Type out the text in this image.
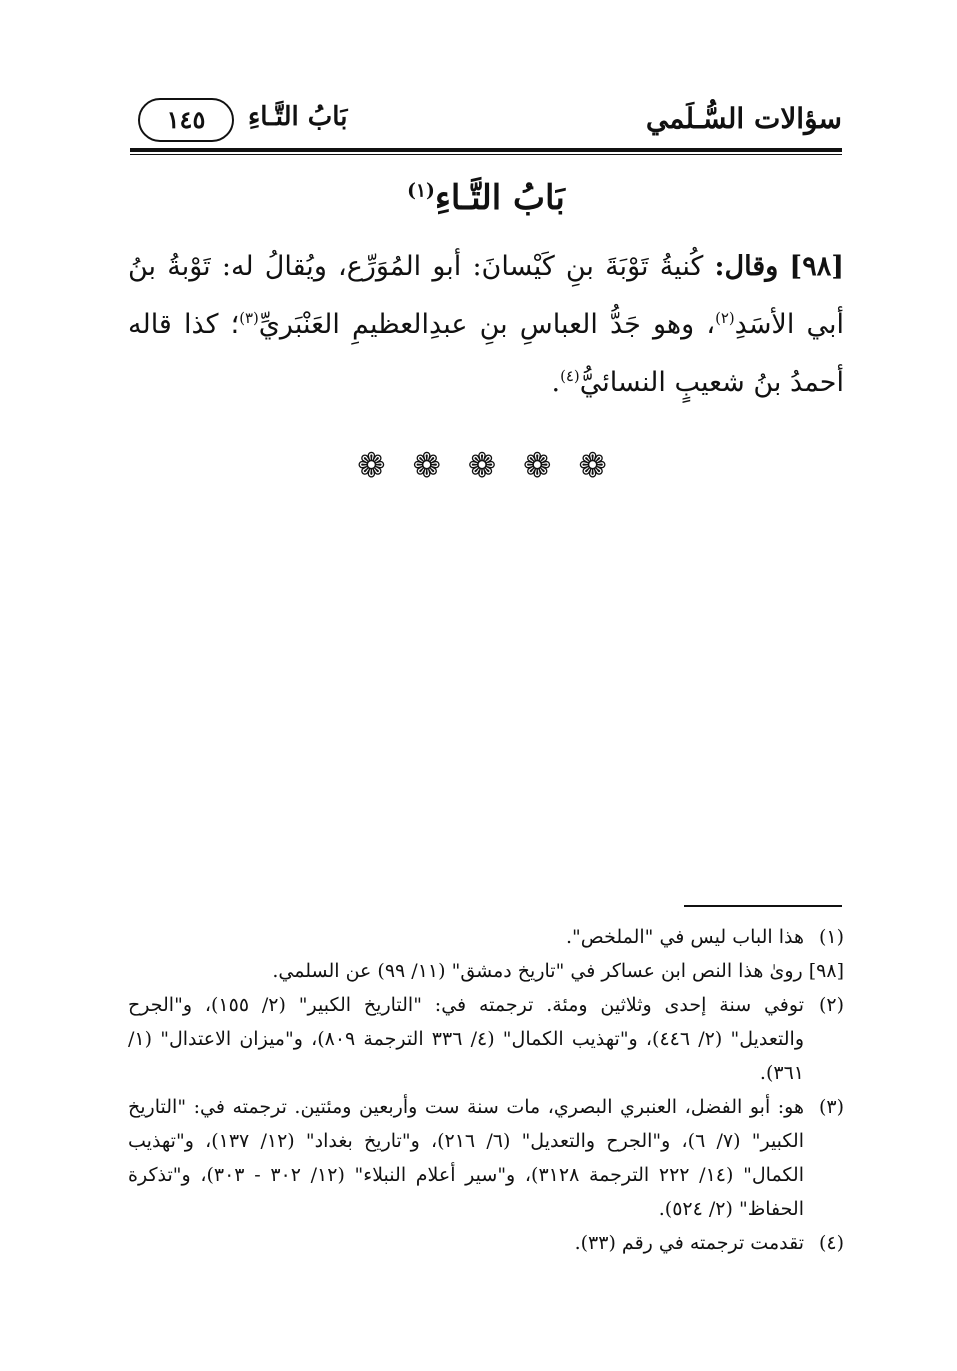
سؤالات السُّـلَمي
بَابُ التَّـاءِ
١٤٥
بَابُ التَّـاءِ$^{(١)}$
[٩٨] وقال: كُنيةُ تَوْبَةَ بنِ كَيْسانَ: أبو المُوَرِّع، ويُقالُ له: تَوْبةُ بنُ أبي الأسَدِ$^{(٢)}$، وهو جَدُّ العباسِ بنِ عبدِالعظيمِ العَنْبَريِّ$^{(٣)}$؛ كذا قاله أحمدُ بنُ شعيبٍ النسائيُّ$^{(٤)}$.
❁ ❁ ❁ ❁ ❁
(١)
هذا الباب ليس في "الملخص".
[٩٨] روىٰ هذا النص ابن عساكر في "تاريخ دمشق" (١١/ ٩٩) عن السلمي.
(٢)
توفي سنة إحدى وثلاثين ومئة. ترجمته في: "التاريخ الكبير" (٢/ ١٥٥)، و"الجرح والتعديل" (٢/ ٤٤٦)، و"تهذيب الكمال" (٤/ ٣٣٦ الترجمة ٨٠٩)، و"ميزان الاعتدال" (١/ ٣٦١).
(٣)
هو: أبو الفضل، العنبري البصري، مات سنة ست وأربعين ومئتين. ترجمته في: "التاريخ الكبير" (٧/ ٦)، و"الجرح والتعديل" (٦/ ٢١٦)، و"تاريخ بغداد" (١٢/ ١٣٧)، و"تهذيب الكمال" (١٤/ ٢٢٢ الترجمة ٣١٢٨)، و"سير أعلام النبلاء" (١٢/ ٣٠٢ - ٣٠٣)، و"تذكرة الحفاظ" (٢/ ٥٢٤).
(٤)
تقدمت ترجمته في رقم (٣٣).
